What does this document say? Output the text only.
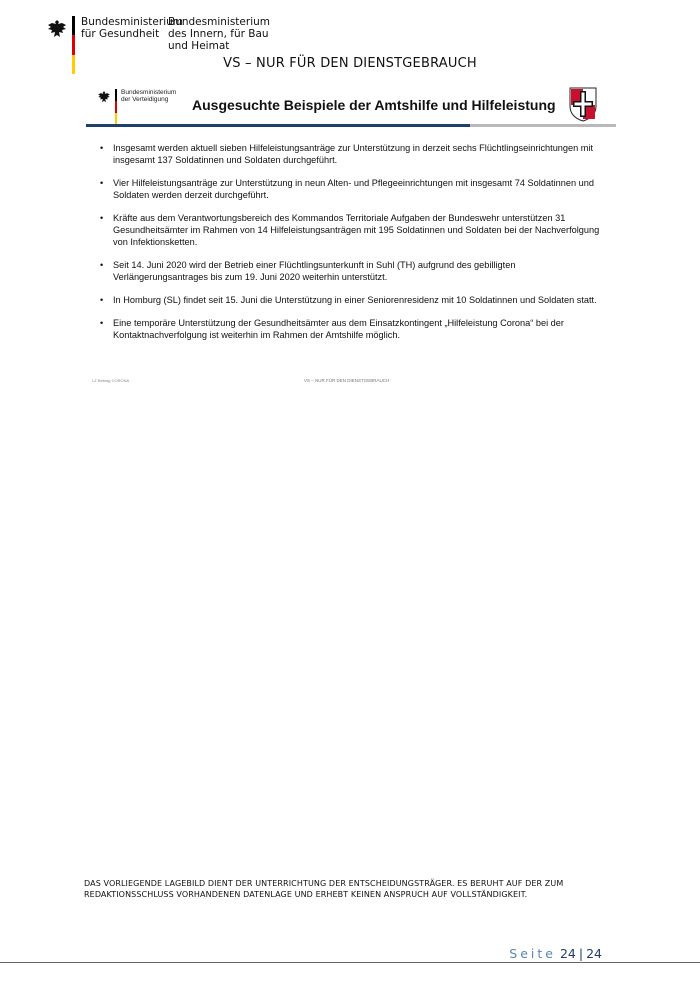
Bundesministerium
für Gesundheit
Bundesministerium
des Innern, für Bau
und Heimat
VS – NUR FÜR DEN DIENSTGEBRAUCH
Bundesministerium
der Verteidigung	Ausgesuchte Beispiele der Amtshilfe und Hilfeleistung
• Insgesamt werden aktuell sieben Hilfeleistungsanträge zur Unterstützung in derzeit sechs Flüchtlingseinrichtungen mit insgesamt 137 Soldatinnen und Soldaten durchgeführt.
• Vier Hilfeleistungsanträge zur Unterstützung in neun Alten- und Pflegeeinrichtungen mit insgesamt 74 Soldatinnen und Soldaten werden derzeit durchgeführt.
• Kräfte aus dem Verantwortungsbereich des Kommandos Territoriale Aufgaben der Bundeswehr unterstützen 31 Gesundheitsämter im Rahmen von 14 Hilfeleistungsanträgen mit 195 Soldatinnen und Soldaten bei der Nachverfolgung von Infektionsketten.
• Seit 14. Juni 2020 wird der Betrieb einer Flüchtlingsunterkunft in Suhl (TH) aufgrund des gebilligten Verlängerungsantrages bis zum 19. Juni 2020 weiterhin unterstützt.
• In Homburg (SL) findet seit 15. Juni die Unterstützung in einer Seniorenresidenz mit 10 Soldatinnen und Soldaten statt.
• Eine temporäre Unterstützung der Gesundheitsämter aus dem Einsatzkontingent „Hilfeleistung Corona“ bei der Kontaktnachverfolgung ist weiterhin im Rahmen der Amtshilfe möglich.
LZ Beitrag CORONA	VS – NUR FÜR DEN DIENSTGEBRAUCH
DAS VORLIEGENDE LAGEBILD DIENT DER UNTERRICHTUNG DER ENTSCHEIDUNGSTRÄGER. ES BERUHT AUF DER ZUM REDAKTIONSSCHLUSS VORHANDENEN DATENLAGE UND ERHEBT KEINEN ANSPRUCH AUF VOLLSTÄNDIGKEIT.
Seite 24 | 24
